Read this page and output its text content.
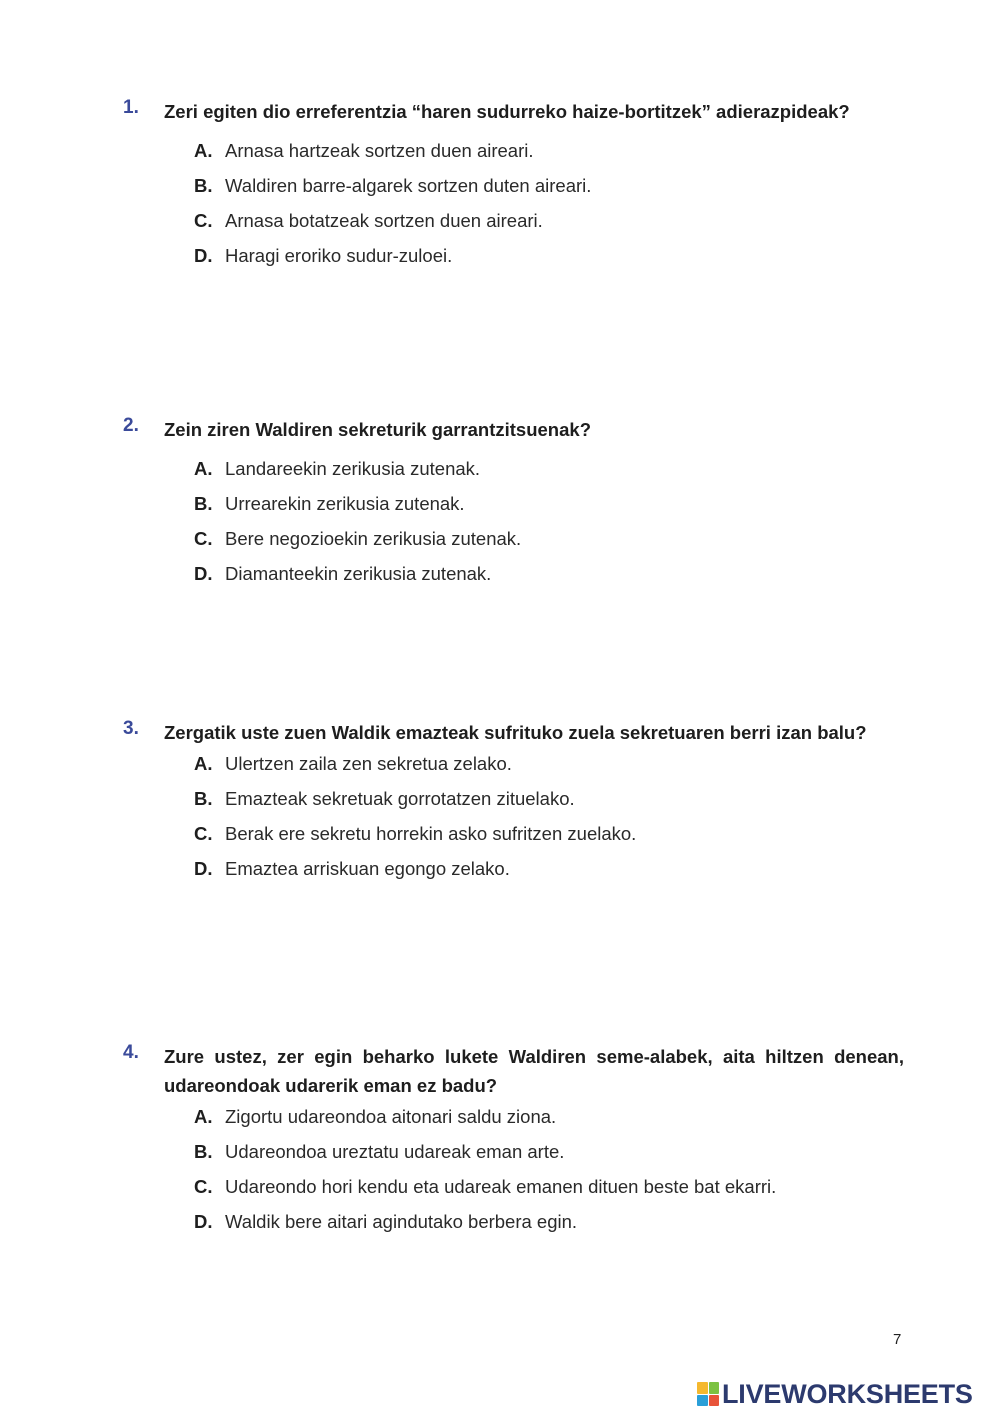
1. Zeri egiten dio erreferentzia “haren sudurreko haize-bortitzek” adierazpideak?
A. Arnasa hartzeak sortzen duen aireari.
B. Waldiren barre-algarek sortzen duten aireari.
C. Arnasa botatzeak sortzen duen aireari.
D. Haragi eroriko sudur-zuloei.
2. Zein ziren Waldiren sekreturik garrantzitsuenak?
A. Landareekin zerikusia zutenak.
B. Urrearekin zerikusia zutenak.
C. Bere negozioekin zerikusia zutenak.
D. Diamanteekin zerikusia zutenak.
3. Zergatik uste zuen Waldik emazteak sufrituko zuela sekretuaren berri izan balu?
A. Ulertzen zaila zen sekretua zelako.
B. Emazteak sekretuak gorrotatzen zituelako.
C. Berak ere sekretu horrekin asko sufritzen zuelako.
D. Emaztea arriskuan egongo zelako.
4. Zure ustez, zer egin beharko lukete Waldiren seme-alabek, aita hiltzen denean, udareondoak udarerik eman ez badu?
A. Zigortu udareondoa aitonari saldu ziona.
B. Udareondoa ureztatu udareak eman arte.
C. Udareondo hori kendu eta udareak emanen dituen beste bat ekarri.
D. Waldik bere aitari agindutako berbera egin.
7
LIVEWORKSHEETS
